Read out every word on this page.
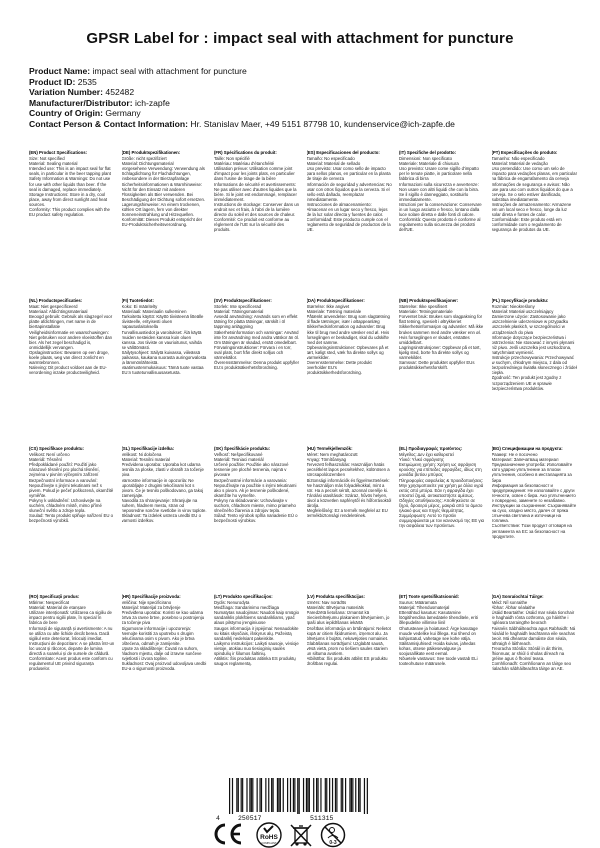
GPSR Label for : impact seal with attachment for puncture
Product Name: impact seal with attachment for puncture
Product ID: 2535
Variation Number: 452482
Manufacturer/Distributor: ich-zapfe
Country of Origin: Germany
Contact Person & Contact Information: Hr. Stanislav Maer, +49 5151 87798 10, kundenservice@ich-zapfe.de
(EN) Product Specifications:

Size: Not specified

Material: Sealing material

Intended use: This is an impact seal for flat seals, in particular in the beer tapping plant

Safety Information & Warnings: Do not use for use with other liquids than beer. If the seal is damaged, replace immediately.

Storage Instructions: Store in a dry, cool place, away from direct sunlight and heat sources.

Conformity: This product complies with the EU product safety regulation.

(DE) Produktspezifikationen:

Größe: nicht spezifiziert

Material: Dichtungsmaterial

Vorgesehene Verwendung: Verwendung als Schlagdichtung für Flachdichtungen, insbesondere in der Bierzapfanlage

Sicherheitsinformationen & Warnhinweise: Nicht für den Einsatz mit anderen Flüssigkeiten als Bier verwenden. Bei Beschädigung der Dichtung sofort ersetzen.

Lagerungshinweise: An einem trockenen, kühlen Ort lagern, fern von direkter Sonneneinstrahlung und Hitzequellen.

Konformität: Dieses Produkt entspricht der EU-Produktsicherheitsverordnung.

(FR) Spécifications du produit:

Taille: Non spécifié

Matériau: Matériau d'étanchéité

Utilisation prévue: Utilisation comme joint d'impact pour les joints plats, en particulier dans l'usine de tirage de la bière

Informations de sécurité et avertissements: Ne pas utiliser avec d'autres liquides que la bière. Si le joint est endommagé, remplacer immédiatement.

Instructions de stockage: Conserver dans un endroit sec et frais, à l'abri de la lumière directe du soleil et des sources de chaleur.

Conformité: Ce produit est conforme au règlement de l'UE sur la sécurité des produits.

(ES) Especificaciones del producto:

Tamaño: No especificado

Material: Material de sellado

Uso previsto: Usar como sello de impacto para sellos planos, en particular en la planta de tiraje de cerveza

Información de seguridad y advertencias: No usar con otros líquidos que la cerveza. Si el sello está dañado, reemplazar inmediatamente.

Instrucciones de almacenamiento: Almacenar en un lugar seco y fresco, lejos de la luz solar directa y fuentes de calor.

Conformidad: Este producto cumple con el reglamento de seguridad de productos de la UE.

(IT) Specifiche del prodotto:

Dimensioni: Non specificato

Materiale: Materiale di chiusura

Uso previsto: Usare come sigillo d'impatto per le tenute piatte, in particolare nella fabbrica di birra

Informazioni sulla sicurezza e avvertenze: Non usare con altri liquidi che con la birra. Se il sigillo è danneggiato, sostituirlo immediatamente.

Istruzioni per la conservazione: Conservare in un luogo asciutto e fresco, lontano dalla luce solare diretta e dalle fonti di calore.

Conformità: Questo prodotto è conforme al regolamento sulla sicurezza dei prodotti dell'UE.

(PT) Especificações do produto:

Tamanho: Não especificado

Material: Material de vedação

Uso pretendido: Use como um selo de impacto para vedações planas, em particular na fábrica de engarrafamento da cerveja

Informações de segurança e avisos: Não use para uso com outros líquidos do que a cerveja. Se o selo estiver danificado, substitua imediatamente.

Instruções de armazenamento: Armazene em um local seco e fresco, longe da luz solar direta e fontes de calor.

Conformidade: Este produto está em conformidade com o regulamento de segurança de produtos da UE.

(NL) Productspecificaties:

Maat: Niet gespecificeerd

Materiaal: Afdichtingsmateriaal

Beoogd gebruik: Gebruik als slagzegel voor platte afdichtingen, met name in de biertapinstallatie

Veiligheidsinformatie en waarschuwingen: Niet gebruiken voor andere vloeistoffen dan bier. Als het zegel beschadigd is, onmiddellijk vervangen.

Opslaginstructies: Bewaren op een droge, koele plaats, weg van direct zonlicht en warmtebronnen.

Naleving: Dit product voldoet aan de EU-verordening inzake productveiligheid.

(FI) Tuotetiedot:

Koko: Ei määritelty

Materiaali: Materiaalin sulkeminen

Tarkoitettu käyttö: Käyttö tiivisteenä litteälle tiivisteelle, erityisesti oluen napautuslaitoksella

Turvallisuustiedot ja varoitukset: Älä käytä muiden nesteiden kanssa kuin oluen kanssa. Jos tiiviste on vaurioitunut, vaihda se välittömästi.

Säilytysohjeet: Säilytä kuivassa, viileässä paikassa, kaukana suorasta auringonvalosta ja lämmönlähteistä.

Vaatimustenmukaisuus: Tämä tuote vastaa EU:n tuoteturvallisuusasetusta.

(SV) Produktspecifikationer:

Storlek: Inte specificerad

Material: Tätningsmaterial

Avsedd användning: Används som en effekt tätning för platta tätningar, särskilt i öl tappning anläggning

Säkerhetsinformation och varningar: Använd inte för användning med andra vätskor än öl. Om tätningen är skadad, ersätt omedelbart.

Förvaringsinstruktioner: Förvara i en torr, sval plats, bort från direkt solljus och värmekällor.

Överensstämmelse: Denna produkt uppfyller EU:s produktsäkerhetsförordning.

(DA) Produktspecifikationer:

Størrelse: Ikke angivet

Materiale: Tætning materiale

Påtænkt anvendelse: Brug som slagtætning til flade tætninger, især i øltappeanlæg

Sikkerhedsinformation og advarsler: Brug ikke til brug med andre væsker end øl. Hvis forseglingen er beskadiget, skal du udskifte med det samme.

Opbevaringsinstruktioner: Opbevares på et tørt, køligt sted, væk fra direkte sollys og varmekilder.

Overensstemmelse: Dette produkt overholder EU's produktsikkerhedsforordning.

(NB) Produktspesifikasjoner:

Størrelse: Ikke spesifisert

Materiale: Tetningsmateriale

Forventet bruk: Brukes som slagpakning for flatt tetning, spesielt i øltrykkeriet

Sikkerhetsinformasjon og advarsler: Må ikke brukes sammen med andre væsker enn øl. Hvis forseglingen er skadet, erstattes umiddelbart.

Lagringsinstruksjoner: Oppbevar på et tørt, kjølig sted, borte fra direkte sollys og varmekilder.

Samsvar: Dette produktet oppfyller EUs produktsikkerhetsforskrift.

(PL) Specyfikacje produktu:

Rozmiar: Nieokreślony

Materiał: Materiał uszczelniający

Zamierzone użycie: Zastosowanie jako uszczelnienie uderzeniowe w przypadku uszczelek płaskich, w szczególności w urządzeniach do piwa

Informacje dotyczące bezpieczeństwa i ostrzeżenia: Nie stosować z innymi płynami niż piwo. Jeśli uszczelka jest uszkodzona, natychmiast wymienić.

Instrukcje przechowywania: Przechowywać w suchym, chłodnym miejscu, z dala od bezpośredniego światła słonecznego i źródeł ciepła.

Zgodność: Ten produkt jest zgodny z rozporządzeniem UE w sprawie bezpieczeństwa produktów.

(CS) Specifikace produktu:

Velikost: Není určeno

Materiál: Těsnění

Předpokládané použití: Použití jako nárazové těsnění pro plochá těsnění, zejména v pivním výčepním zařízení

Bezpečnostní informace a varování: Nepoužívejte s jinými tekutinami než s pivem. Pokud je pečeť poškozená, okamžitě vyměňte.

Pokyny k uskladnění: Uchovávejte na suchém, chladném místě, mimo přímé sluneční světlo a zdroje tepla.

Soulad: Tento produkt splňuje nařízení EU o bezpečnosti výrobků.

(SL) Specifikacije izdelka:

Velikost: Ni določena

Material: Tesnilni material

Predvidena uporaba: Uporaba kot udarna tesnila za ploske, zlasti v obratih za točenje piva

Varnostne informacije in opozorila: Ne uporabljajte z drugimi tekočinami kot s pivom. Če je tesnilo poškodovano, ga takoj zamenjajte.

Navodila za shranjevanje: Shranjujte na suhem, hladnem mestu, stran od neposredne sončne svetlobe in virov toplote.

Skladnost: Ta izdelek ustreza uredbi EU o varnosti izdelkov.

(SK) Špecifikácie produktu:

Veľkosť: Nešpecifikované

Materiál: Tesniaci materiál

Určené použitie: Použitie ako nárazové tesnenie pre ploché tesnenia, najmä v pivovare

Bezpečnostné informácie a varovania: Nepoužívajte na použitie s inými tekutinami ako s pivom. Ak je tesnenie poškodené, okamžite ho vymeňte.

Pokyny na skladovanie: Uchovávajte v suchom, chladnom mieste, mimo priameho slnečného žiarenia a zdrojov tepla.

Súlad: Tento výrobok spĺňa nariadenie EÚ o bezpečnosti výrobkov.

(HU) Termékjellemzők:

Méret: Nem meghatározott

Anyag: Tömítőanyag

Tervezett felhasználás: Használjon hatás pecsétként lapos pecsétekhez, különösen a sörcsapolóüzemben

Biztonsági információk és figyelmeztetések: Ne használjon más folyadékokkal, mint a sör. Ha a pecsét sérült, azonnal cserélje ki.

Tárolási utasítások: Száraz, hűvös helyen, távol a közvetlen napfénytől és hőforrásoktól tárolja.

Megfelelőség: Ez a termék megfelel az EU termékbiztonsági rendeletének.

(EL) Προδιαγραφές προϊόντος:

Μέγεθος: Δεν έχει καθοριστεί

Υλικό: Υλικό σφράγισης

Εκτιμώμενη χρήση: Χρήση ως σφράγιση κρούσης για επίπεδες σφραγίδες, ιδίως στη μονάδα βυτίου μπύρας

Πληροφορίες ασφαλείας & προειδοποιήσεις: Μην χρησιμοποιείτε για χρήση με άλλα υγρά εκτός από μπύρα. Εάν η σφραγίδα έχει υποστεί ζημιά, αντικαταστήστε αμέσως.

Οδηγίες αποθήκευσης: Αποθηκεύστε σε ξηρό, δροσερό μέρος, μακριά από το άμεσο ηλιακό φως και πηγές θερμότητας.

Συμμόρφωση: Αυτό το προϊόν συμμορφώνεται με τον κανονισμό της ΕΕ για την ασφάλεια των προϊόντων.

(BG) Спецификации на продукта:

Размер: Не е посочено

Материал: Запечатващ материал

Предназначение употреба: Използвайте като ударно уплътнение за плоски уплътнения, особено в инсталацията за бира

Информация за безопасност и предупреждения: Не използвайте с други течности, освен с бира. Ако уплътнението е повредено, заменете го незабавно.

Инструкции за съхранение: Съхранявайте на сухо, хладно място, далеч от пряка слънчева светлина и източници на топлина.

Съответствие: Този продукт отговаря на регламента на ЕС за безопасност на продуктите.

(RO) Specificații produs:

Mărime: Nespecificat

Material: Material de etanșare

Utilizare intenționată: Utilizarea ca sigiliu de impact pentru sigilii plate, în special în fabrica de bere

Informații de siguranță și avertismente: A nu se utiliza cu alte lichide decât berea. Dacă sigiliul este deteriorat, înlocuiți imediat.

Instrucțiuni de depozitare: A se păstra într-un loc uscat și răcoros, departe de lumina directă a soarelui și de sursele de căldură.

Conformitate: Acest produs este conform cu regulamentul UE privind siguranța produselor.

(HR) Specifikacije proizvoda:

Veličina: Nije specificirano

Materijal: Materijal za brtvljenje

Predviđena uporaba: Koristi se kao udarna brtva za ravne brtve, posebno u postrojenju za točenje piva

Sigurnosne informacije i upozorenja: Nemojte koristiti za upotrebu s drugim tekućinama osim s pivom. Ako je brtva oštećena, odmah je zamijenite.

Upute za skladištenje: Čuvati na suhom, hladnom mjestu, dalje od izravne sunčeve svjetlosti i izvora topline.

Sukladnost: Ovaj proizvod udovoljava uredbi EU-a o sigurnosti proizvoda.

(LT) Produkto specifikacijos:

Dydis: Nenurodyta

Medžiaga: Sandarinimo medžiaga

Numatytas naudojimas: Naudoti kaip smūgio sandariklis plokštiems sandarikliams, ypač alaus pilstymo įrenginiuose

Saugos informacija ir įspėjimai: Nenaudokite su kitais skysčiais, išskyrus alų. Pažeistą sandariklį nedelsiant pakeiskite.

Laikymo instrukcijos: Laikyti sausoje, vėsioje vietoje, atokiau nuo tiesioginių saulės spindulių ir šilumos šaltinių.

Atitiktis: Šis produktas atitinka ES produktų saugos reglamentą.

(LV) Produkta specifikācijas:

Izmērs: Nav norādīts

Materiāls: Blīvējuma materiāls

Paredzētā lietošana: Izmantot kā triecienblīvējumu plakaniem blīvējumiem, jo īpaši alus iepildīšanas iekārtā

Drošības informācija un brīdinājumi: Nelietot kopā ar citiem šķidrumiem, izņemot alu. Ja blīvējums ir bojāts, nekavējoties nomainiet.

Glabāšanas norādījumi: Uzglabāt sausā, vēsā vietā, prom no tiešiem saules stariem un siltuma avotiem.

Atbilstība: Šis produkts atbilst ES produktu drošības regulai.

(ET) Toote spetsifikatsioonid:

Suurus: Määramata

Materjal: Tihendusmaterjal

Ettenähtud kasutus: Kasutamine löögitihendina lamedatele tihenditele, eriti õllepudelite villimise liinil

Ohutusteave ja hoiatused: Ärge kasutage muude vedelike kui õllega. Kui tihend on kahjustatud, vahetage see kohe välja.

Säilitamisjuhised: Hoida kuivas, jahedas kohas, otsese päikesevalguse ja soojusallikate eest eemal.

Nõuetele vastavus: See toode vastab ELi tooteohutuse määrusele.

(GA) Sonraíochtaí Táirge:

Méid: Níl sonraithe

Ábhar: Ábhar séalaithe

Úsáid Beartaithe: Úsáid mar séala tionchair le haghaidh rónta cothroma, go háirithe i ngléasra tarraingthe beorach

Faisnéis Sábháilteachta agus Rabhaidh: Ná húsáid le haghaidh leachtanna eile seachas beoir. Má dhéantar damáiste don séala, athraigh é láithreach.

Treoracha Stórála: Stóráil in áit thirim, fhionnuar, ar shiúl ó sholas díreach na gréine agus ó fhoinsí teasa.

Comhlíonadh: Comhlíonann an táirge seo rialachán sábháilteachta táirge an AE.

4	250517	511315
RoHS
COMPLIANT	0-3
